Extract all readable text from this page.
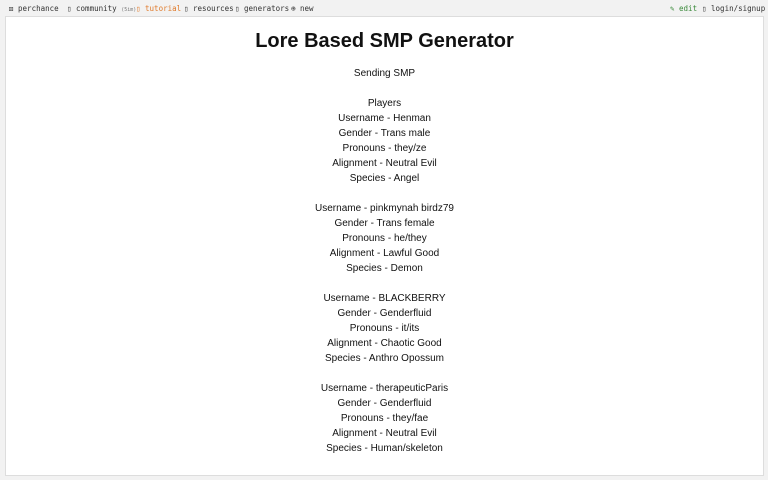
⚄ perchance ▯ community (5im) ▯ tutorial ▯ resources ▯ generators ⊕ new	✎ edit ▯ login/signup
Lore Based SMP Generator
Sending SMP
Players
Username - Henman
Gender - Trans male
Pronouns - they/ze
Alignment - Neutral Evil
Species - Angel
Username - pinkmynah birdz79
Gender - Trans female
Pronouns - he/they
Alignment - Lawful Good
Species - Demon
Username - BLACKBERRY
Gender - Genderfluid
Pronouns - it/its
Alignment - Chaotic Good
Species - Anthro Opossum
Username - therapeuticParis
Gender - Genderfluid
Pronouns - they/fae
Alignment - Neutral Evil
Species - Human/skeleton
